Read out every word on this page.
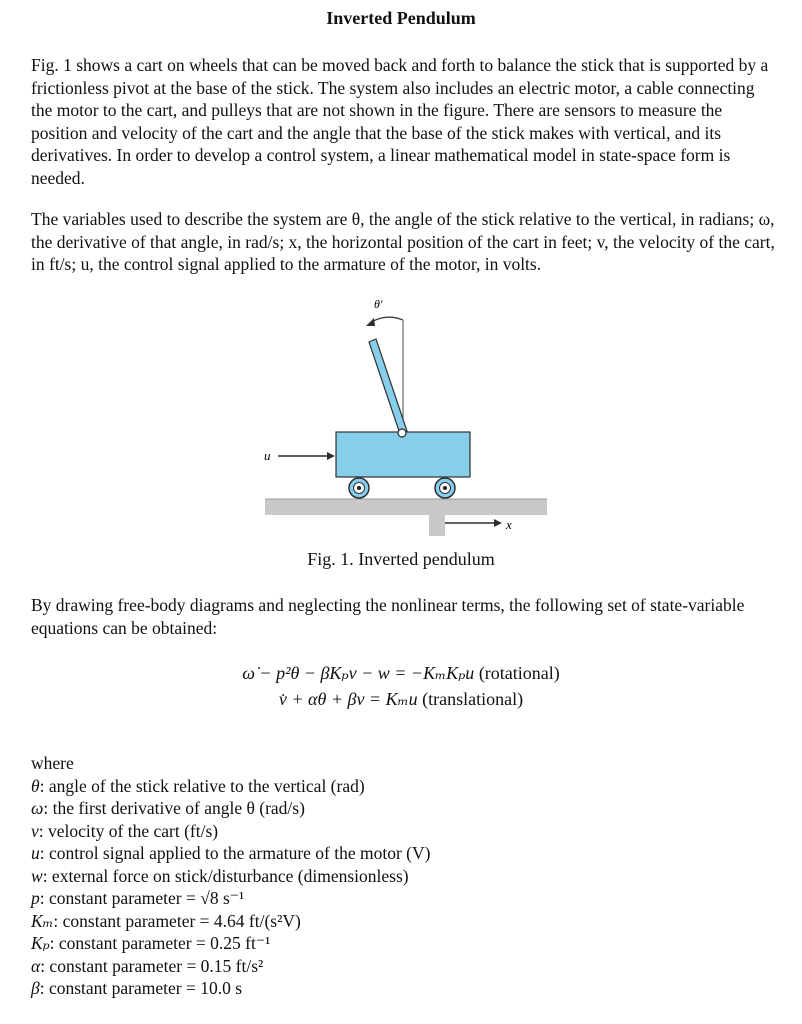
Inverted Pendulum
Fig. 1 shows a cart on wheels that can be moved back and forth to balance the stick that is supported by a frictionless pivot at the base of the stick. The system also includes an electric motor, a cable connecting the motor to the cart, and pulleys that are not shown in the figure. There are sensors to measure the position and velocity of the cart and the angle that the base of the stick makes with vertical, and its derivatives. In order to develop a control system, a linear mathematical model in state-space form is needed.
The variables used to describe the system are θ, the angle of the stick relative to the vertical, in radians; ω, the derivative of that angle, in rad/s; x, the horizontal position of the cart in feet; v, the velocity of the cart, in ft/s; u, the control signal applied to the armature of the motor, in volts.
x
θ'
u
Fig. 1. Inverted pendulum
By drawing free-body diagrams and neglecting the nonlinear terms, the following set of state-variable equations can be obtained:
ω̇ − p²θ − βKₚv − w = −KₘKₚu (rotational)
v̇ + αθ + βv = Kₘu (translational)
where
θ: angle of the stick relative to the vertical (rad)
ω: the first derivative of angle θ (rad/s)
v: velocity of the cart (ft/s)
u: control signal applied to the armature of the motor (V)
w: external force on stick/disturbance (dimensionless)
p: constant parameter = √8 s⁻¹
Kₘ: constant parameter = 4.64 ft/(s²V)
Kₚ: constant parameter = 0.25 ft⁻¹
α: constant parameter = 0.15 ft/s²
β: constant parameter = 10.0 s
